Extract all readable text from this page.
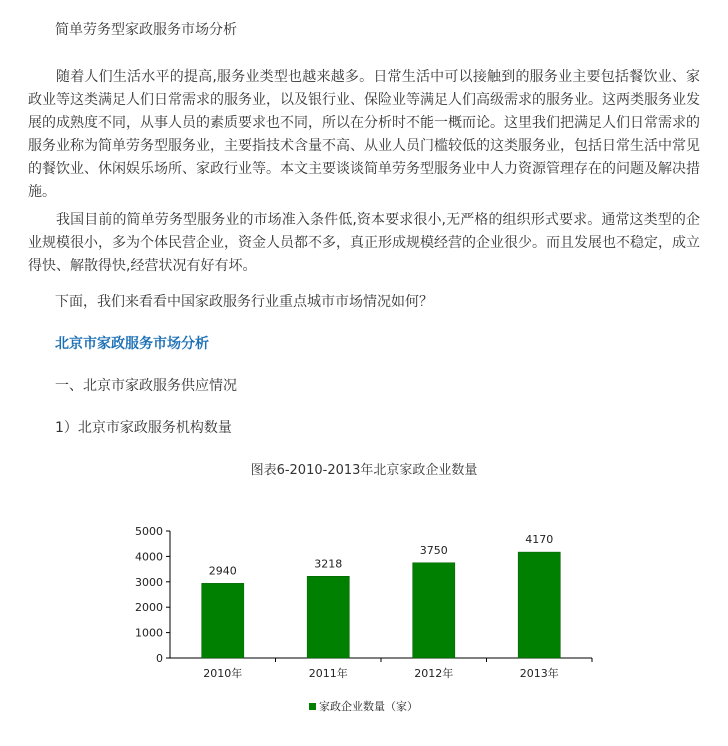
简单劳务型家政服务市场分析

随着人们生活水平的提高,服务业类型也越来越多。日常生活中可以接触到的服务业主要包括餐饮业、家政业等这类满足人们日常需求的服务业，以及银行业、保险业等满足人们高级需求的服务业。这两类服务业发展的成熟度不同，从事人员的素质要求也不同，所以在分析时不能一概而论。这里我们把满足人们日常需求的服务业称为简单劳务型服务业，主要指技术含量不高、从业人员门槛较低的这类服务业，包括日常生活中常见的餐饮业、休闲娱乐场所、家政行业等。本文主要谈谈简单劳务型服务业中人力资源管理存在的问题及解决措施。

我国目前的简单劳务型服务业的市场准入条件低,资本要求很小,无严格的组织形式要求。通常这类型的企业规模很小，多为个体民营企业，资金人员都不多，真正形成规模经营的企业很少。而且发展也不稳定，成立得快、解散得快,经营状况有好有坏。

下面，我们来看看中国家政服务行业重点城市市场情况如何？
北京市家政服务市场分析
一、北京市家政服务供应情况
1）北京市家政服务机构数量
图表6-2010-2013年北京家政企业数量
0
1000
2000
3000
4000
5000
2010年	2011年	2012年	2013年
2940
3218
3750
4170
家政企业数量（家）
